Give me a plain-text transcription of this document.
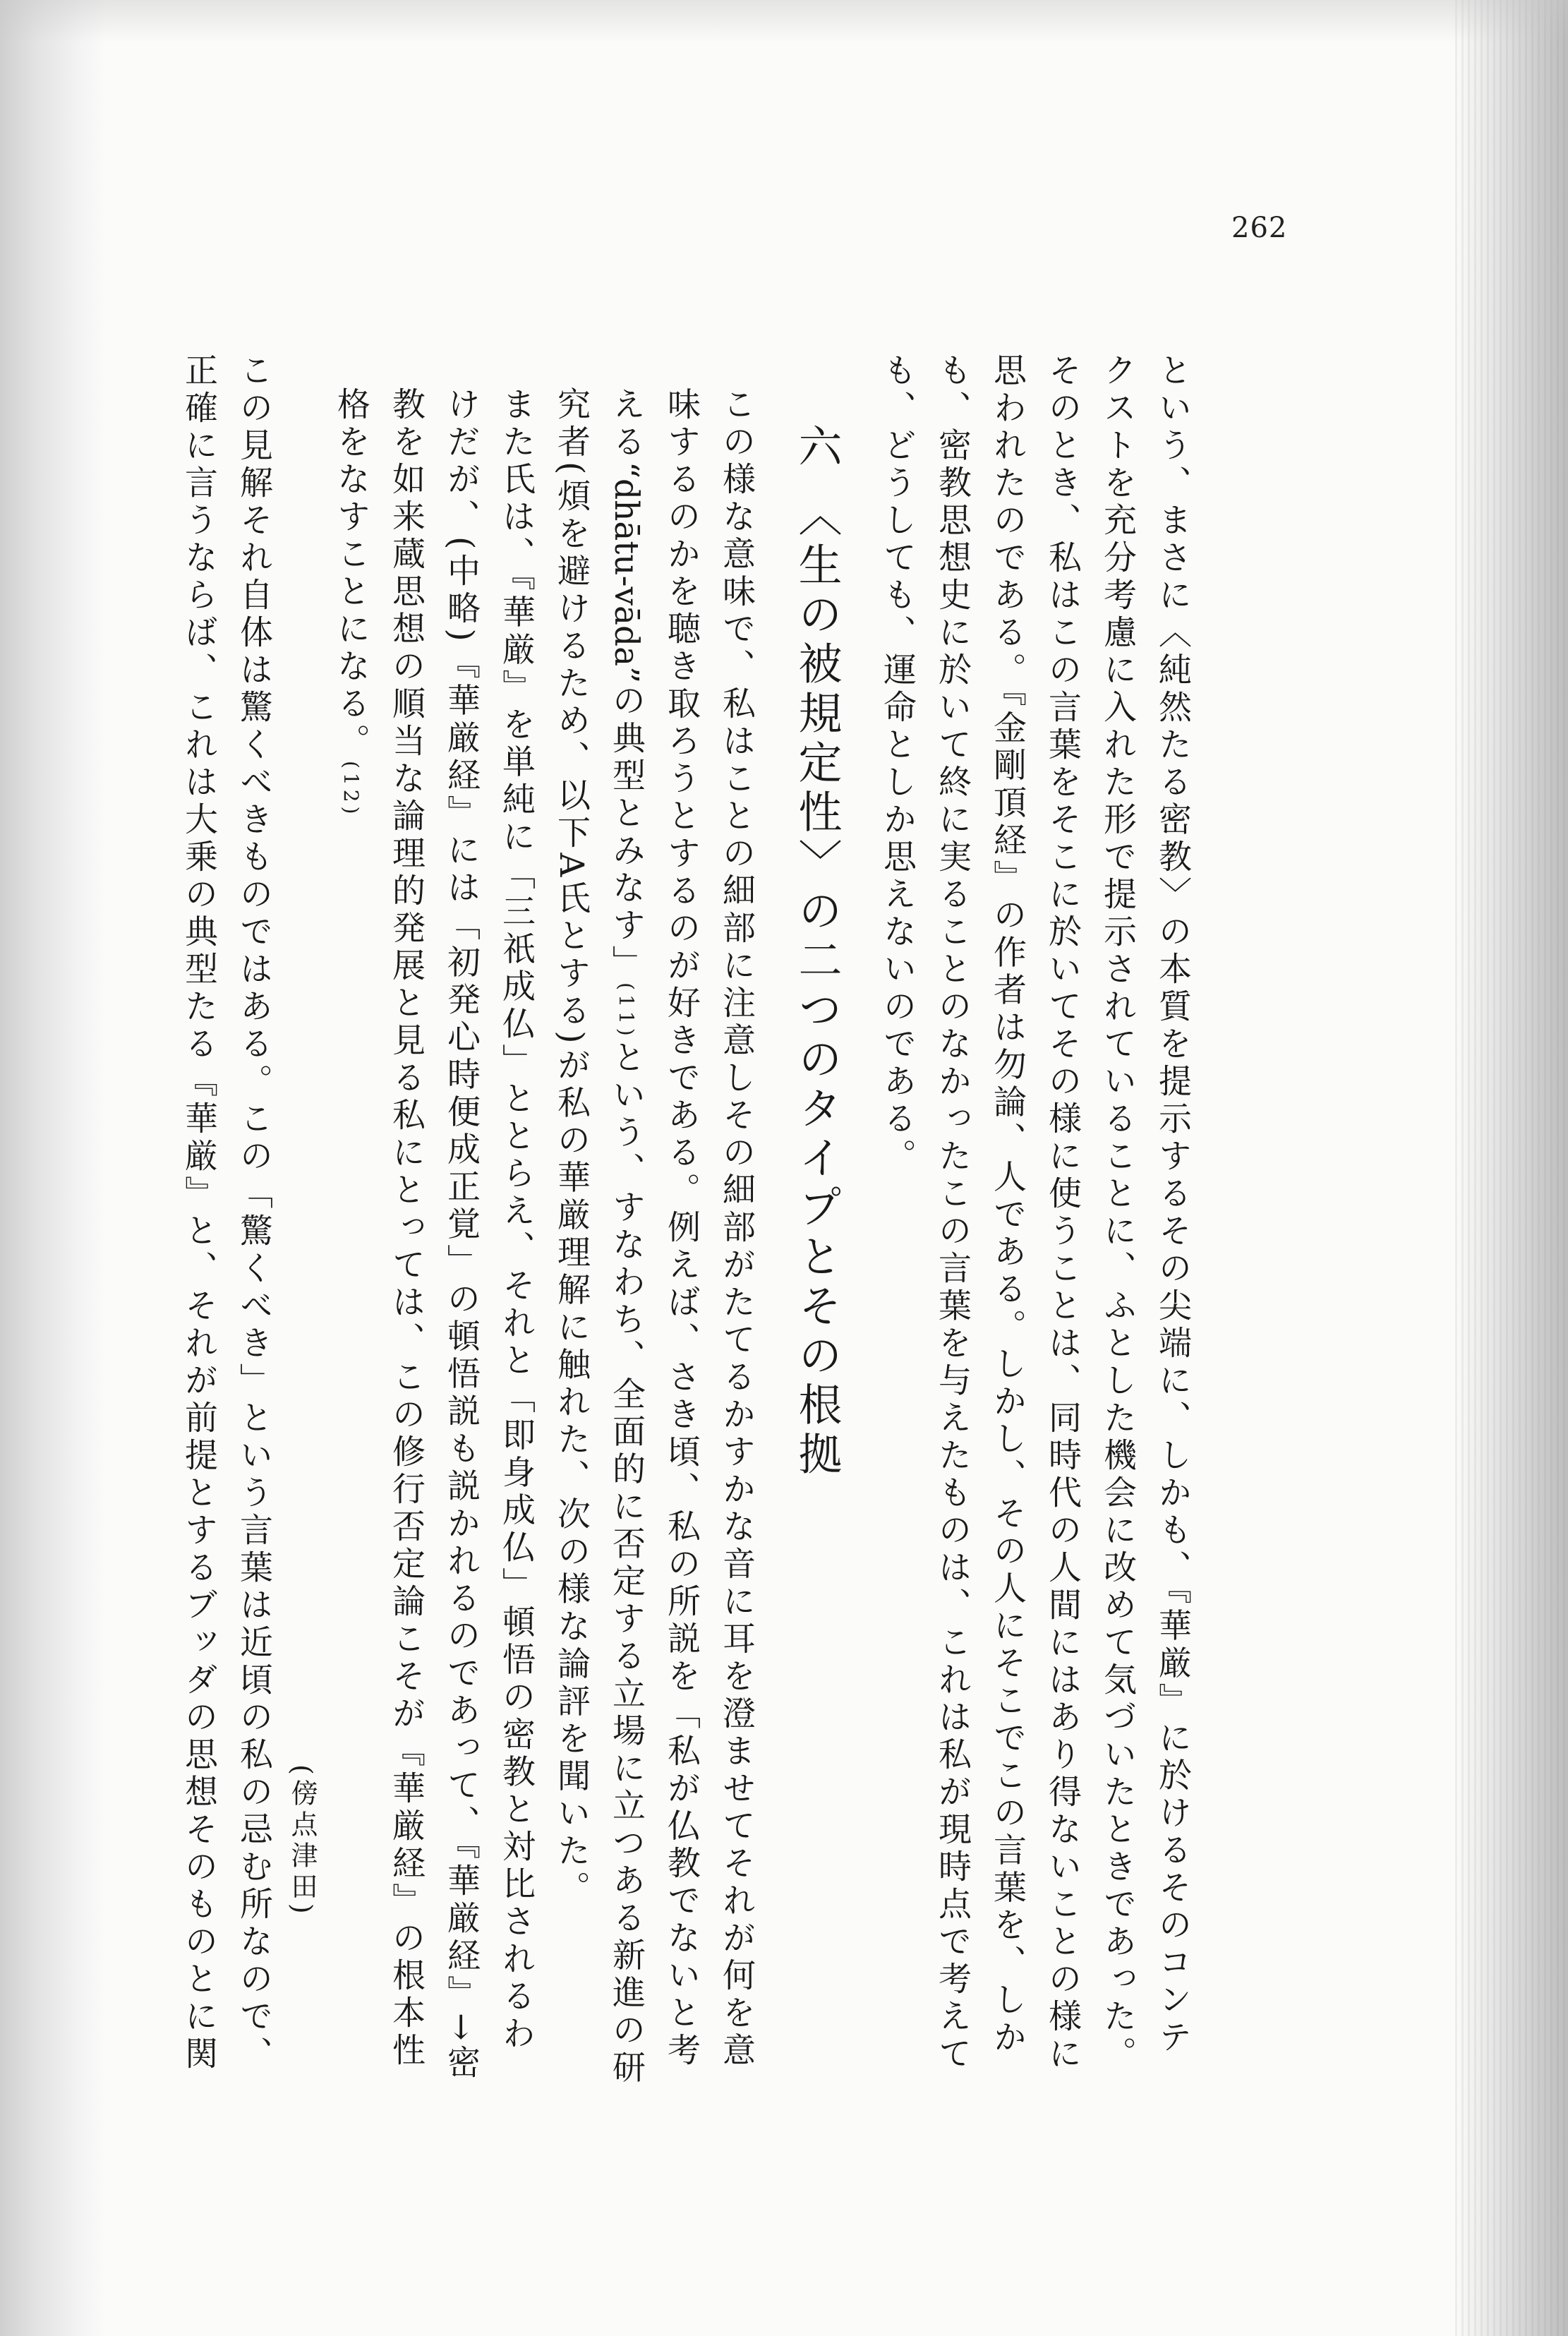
262
という、まさに〈純然たる密教〉の本質を提示するその尖端に、しかも、『華厳』に於けるそのコンテクストを充分考慮に入れた形で提示されていることに、ふとした機会に改めて気づいたときであった。そのとき、私はこの言葉をそこに於いてその様に使うことは、同時代の人間にはあり得ないことの様に思われたのである。『金剛頂経』の作者は勿論、人である。しかし、その人にそこでこの言葉を、しかも、密教思想史に於いて終に実ることのなかったこの言葉を与えたものは、これは私が現時点で考えても、どうしても、運命としか思えないのである。
六 〈生の被規定性〉の二つのタイプとその根拠
この様な意味で、私はことの細部に注意しその細部がたてるかすかな音に耳を澄ませてそれが何を意味するのかを聴き取ろうとするのが好きである。例えば、さき頃、私の所説を「私が仏教でないと考える“dhātu-vāda”の典型とみなす」(11)という、すなわち、全面的に否定する立場に立つある新進の研究者(煩を避けるため、以下A氏とする)が私の華厳理解に触れた、次の様な論評を聞いた。
また氏は、『華厳』を単純に「三祇成仏」ととらえ、それと「即身成仏」頓悟の密教と対比されるわけだが、(中略)『華厳経』には「初発心時便成正覚」の頓悟説も説かれるのであって、『華厳経』→密教を如来蔵思想の順当な論理的発展と見る私にとっては、この修行否定論こそが『華厳経』の根本性格をなすことになる。(12)
(傍点津田)
この見解それ自体は驚くべきものではある。この「驚くべき」という言葉は近頃の私の忌む所なので、正確に言うならば、これは大乗の典型たる『華厳』と、それが前提とするブッダの思想そのものとに関
